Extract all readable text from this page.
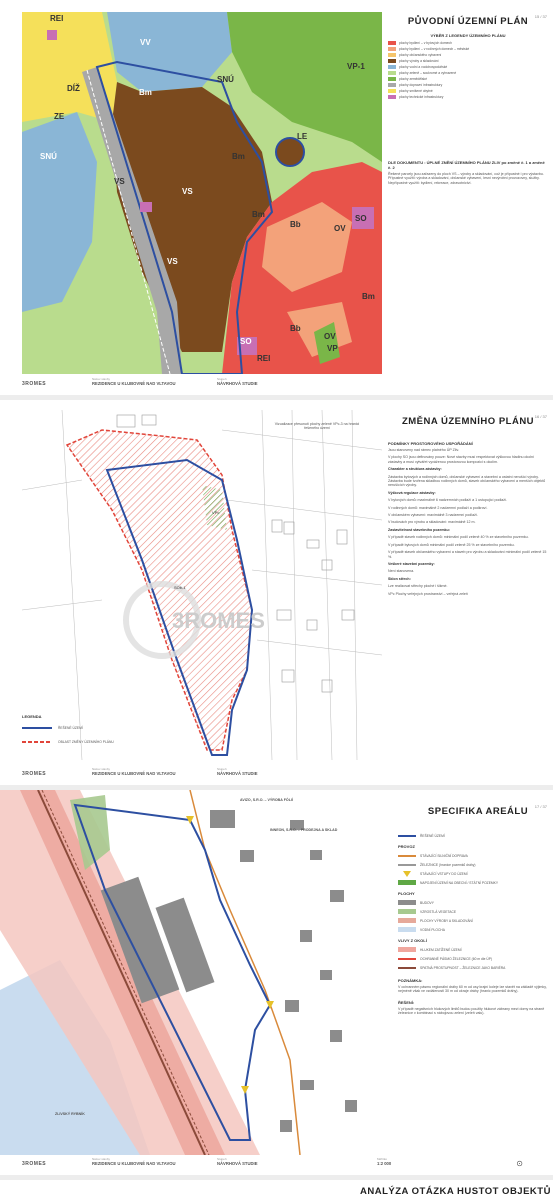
REI
VV
SNÚ
VP-1
DÍŽ	Bm
ZE
LE
SNÚ
VS
Bm
VS
Bm
Bb	OV
SO
VS
Bb
OV
VP
SO
Bm
REI
PŮVODNÍ ÚZEMNÍ PLÁN
VÝBĚR Z LEGENDY ÚZEMNÍHO PLÁNU
plochy bydlení – v bytových domech
plochy bydlení – v rodinných domech – městské
plochy občanského vybavení
plochy výroby a skladování
plochy vodní a vodohospodářské
plochy zeleně – soukromé a vyhrazené
plochy zemědělské
plochy dopravní infrastruktury
plochy smíšené obytné
plochy technické infrastruktury
DLE DOKUMENTU : ÚPLNÉ ZNĚNÍ ÚZEMNÍHO PLÁNU ZLIV po změně č. 1 a změně č. 2
Řešené parcely jsou zařazeny do ploch VS – výroby a skladování, což je přípustné i pro výstavbu. Přípustné využití: výroba a skladování, občanské vybavení, lesní nevýrobní provozovny, služby. Nepřípustné využití: bydlení, rekreace, zdravotnictví.
15 / 37
3ROMES
Název stavby
REZIDENCE U KLUBOVNÉ NAD VLTAVOU
Stupeň
NÁVRHOVÁ STUDIE
3ROMES
SOb-1
VPc
Vizualizace přesunutí plochy zeleně VPc-3 na hranici řešeného území
LEGENDA
ŘEŠENÉ ÚZEMÍ
OBLAST ZMĚNY ÚZEMNÍHO PLÁNU
ZMĚNA ÚZEMNÍHO PLÁNU
PODMÍNKY PROSTOROVÉHO USPOŘÁDÁNÍ
Jsou stanoveny nad rámec platného ÚP Zliv.
V plochy SO jsou definovány pouze: Nové stavby musí respektovat výškovou hladinu okolní zástavby a musí vytvářet vyváženou prostorovou kompozici s okolím.
Charakter a struktura zástavby:
Zástavba bytových a rodinných domů, občanské vybavení a stavební a ostatní nerušící výroby. Zástavba bude tvořena skladbou rodinných domů, staveb občanského vybavení a menších objektů nerušících výroby.
Výšková regulace zástavby:
V bytových domů: maximálně 6 nadzemních podlaží a 1 ustupující podlaží.
V rodinných domů: maximálně 2 nadzemní podlaží a podkroví.
V občanském vybavení: maximálně 3 nadzemní podlaží.
V budovách pro výrobu a skladování: maximálně 12 m.
Zastavitelnost stavebního pozemku:
V případě staveb rodinných domů: minimální podíl zeleně 40 % ze stavebního pozemku.
V případě bytových domů minimální podíl zeleně 25 % ze stavebního pozemku.
V případě staveb občanského vybavení a staveb pro výrobu a skladování minimální podíl zeleně 15 %.
Veškeré stavební pozemky:
Není stanovena.
Sklon střech:
Lze realizovat střechy ploché i šikmé.
VPc Plochy veřejných prostranství – veřejná zeleň
16 / 37
3ROMES
Název stavby
REZIDENCE U KLUBOVNÉ NAD VLTAVOU
Stupeň
NÁVRHOVÁ STUDIE
AVIZO, S.R.O. – VÝROBA FÓLIÍ
INNEON, S.R.O. – PRODEJNA A SKLAD
ZLIVSKÝ RYBNÍK
SPECIFIKA AREÁLU
ŘEŠENÉ ÚZEMÍ
PROVOZ
STÁVAJÍCÍ SILNIČNÍ DOPRAVA
ŽELEZNICE (hranice pozemků dráhy)
STÁVAJÍCÍ VSTUPY DO ÚZEMÍ
NAPOJENÍ ÚZEMÍ NA OBECNÍ / STÁTNÍ POZEMKY
PLOCHY
BUDOVY
VZROSTLÁ VEGETACE
PLOCHY VÝROBY A SKLADOVÁNÍ
VODNÍ PLOCHA
VLIVY Z OKOLÍ
HLUKEM ZATÍŽENÉ ÚZEMÍ
OCHRANNÉ PÁSMO ŽELEZNICE (60 m dle ÚP)
SPATNÁ PROSTUPNOST – ŽELEZNICE JAKO BARIÉRA
POZNÁMKA:
V ochranném pásmu regionální dráhy 60 m od osy krajní koleje lze stavět na základě výjimky, nejméně však ve vzdálenosti 30 m od okraje dráhy (hranic pozemků dráhy).
ŘEŠENÍ:
V případě negativních hlukových limitů budou použity hlukové zábrany mezi domy na straně železnice v kombinaci s nábojovou zelení (zeleň valu).
17 / 37
3ROMES
Název stavby
REZIDENCE U KLUBOVNÉ NAD VLTAVOU
Stupeň
NÁVRHOVÁ STUDIE
Měřítko
1:2 000	⊙
ANALÝZA OTÁZKA HUSTOT OBJEKTŮ
